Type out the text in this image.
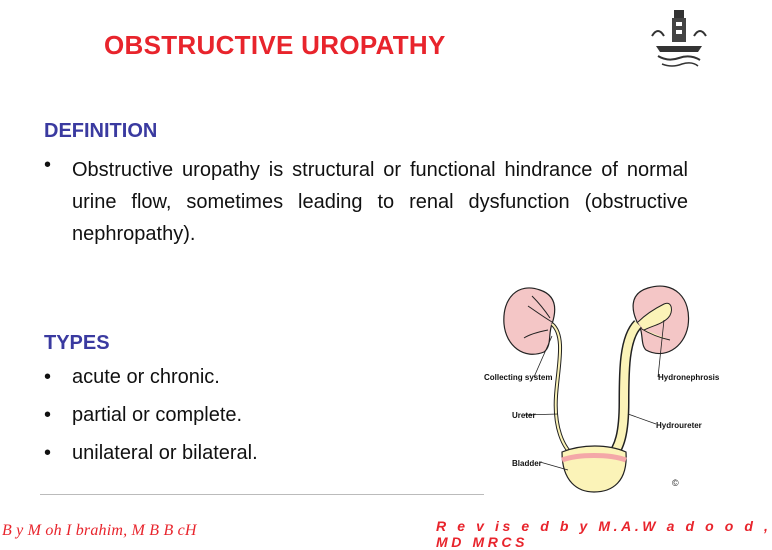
OBSTRUCTIVE UROPATHY
DEFINITION
• Obstructive uropathy is structural or functional hindrance of normal urine flow, sometimes leading to renal dysfunction (obstructive nephropathy).
TYPES
• acute or chronic.
• partial or complete.
• unilateral or bilateral.
Collecting system	Hydronephrosis
Ureter
Hydroureter
Bladder
©
B y M oh I brahim, M B B cH	R e v is e d b y M.A.W a d o o d ,
MD MRCS
